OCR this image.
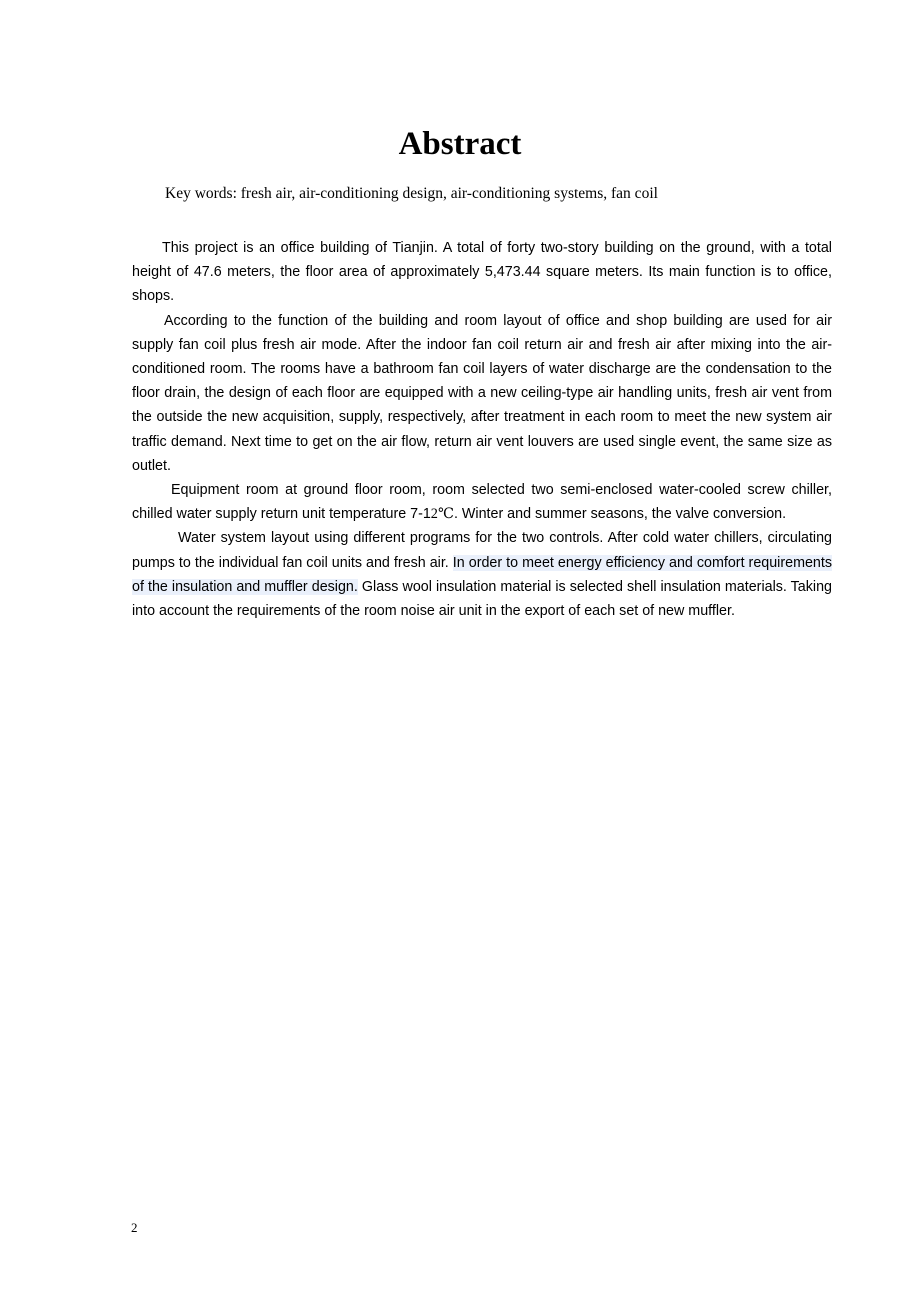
Abstract
Key words: fresh air, air-conditioning design, air-conditioning systems, fan coil

This project is an office building of Tianjin. A total of forty two-story building on the ground, with a total height of 47.6 meters, the floor area of approximately 5,473.44 square meters. Its main function is to office, shops.

According to the function of the building and room layout of office and shop building are used for air supply fan coil plus fresh air mode. After the indoor fan coil return air and fresh air after mixing into the air-conditioned room. The rooms have a bathroom fan coil layers of water discharge are the condensation to the floor drain, the design of each floor are equipped with a new ceiling-type air handling units, fresh air vent from the outside the new acquisition, supply, respectively, after treatment in each room to meet the new system air traffic demand. Next time to get on the air flow, return air vent louvers are used single event, the same size as outlet.

Equipment room at ground floor room, room selected two semi-enclosed water-cooled screw chiller, chilled water supply return unit temperature 7-12℃. Winter and summer seasons, the valve conversion.

Water system layout using different programs for the two controls. After cold water chillers, circulating pumps to the individual fan coil units and fresh air. In order to meet energy efficiency and comfort requirements of the insulation and muffler design. Glass wool insulation material is selected shell insulation materials. Taking into account the requirements of the room noise air unit in the export of each set of new muffler.

2
